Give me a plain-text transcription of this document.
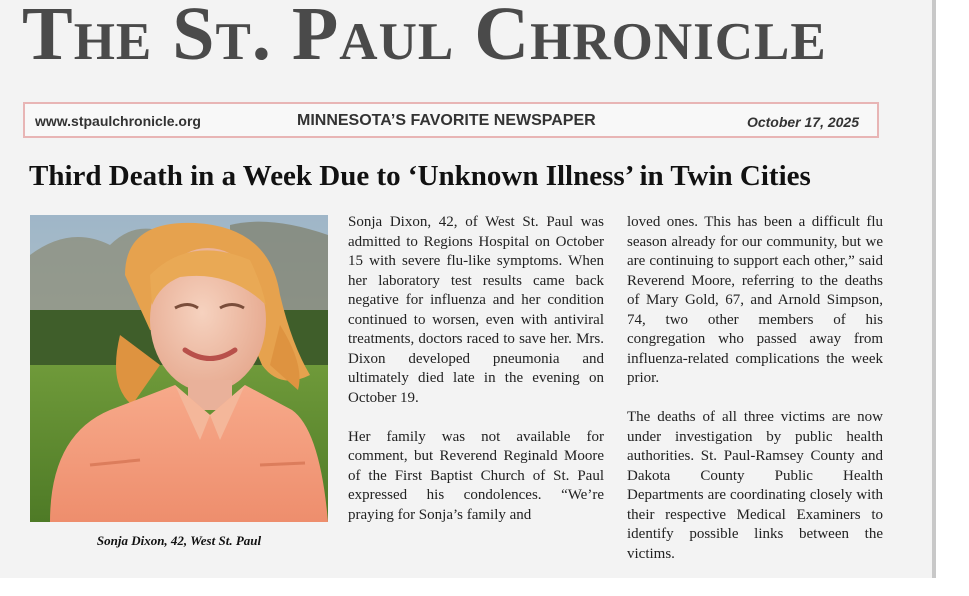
The St. Paul Chronicle
www.stpaulchronicle.org	MINNESOTA’S FAVORITE NEWSPAPER	October 17, 2025
Third Death in a Week Due to ‘Unknown Illness’ in Twin Cities
Sonja Dixon, 42, West St. Paul

Sonja Dixon, 42, of West St. Paul was admitted to Regions Hospital on October 15 with severe flu-like symptoms. When her laboratory test results came back negative for influenza and her condition continued to worsen, even with antiviral treatments, doctors raced to save her. Mrs. Dixon developed pneumonia and ultimately died late in the evening on October 19.

Her family was not available for comment, but Reverend Reginald Moore of the First Baptist Church of St. Paul expressed his condolences. “We’re praying for Sonja’s family and

loved ones. This has been a difficult flu season already for our community, but we are continuing to support each other,” said Reverend Moore, referring to the deaths of Mary Gold, 67, and Arnold Simpson, 74, two other members of his congregation who passed away from influenza-related complications the week prior.

The deaths of all three victims are now under investigation by public health authorities. St. Paul-Ramsey County and Dakota County Public Health Departments are coordinating closely with their respective Medical Examiners to identify possible links between the victims.
